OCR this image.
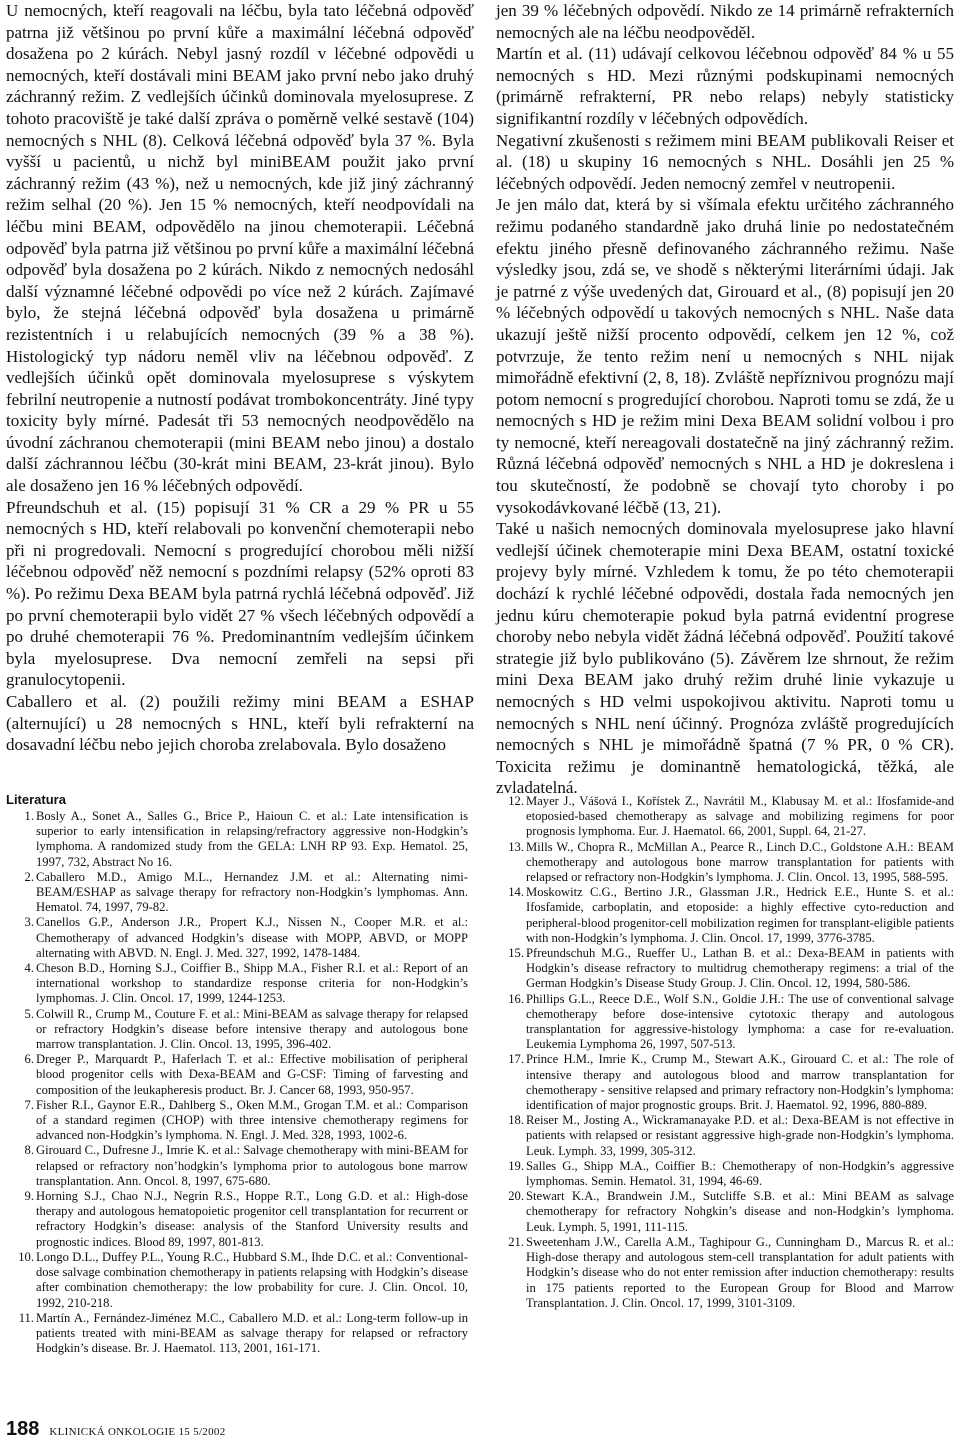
U nemocných, kteří reagovali na léčbu, byla tato léčebná odpověď patrna již většinou po první kůře a maximální léčebná odpověď dosažena po 2 kúrách. Nebyl jasný rozdíl v léčebné odpovědi u nemocných, kteří dostávali mini BEAM jako první nebo jako druhý záchranný režim. Z vedlejších účinků dominovala myelosuprese. Z tohoto pracoviště je také další zpráva o poměrně velké sestavě (104) nemocných s NHL (8). Celková léčebná odpověď byla 37 %. Byla vyšší u pacientů, u nichž byl miniBEAM použit jako první záchranný režim (43 %), než u nemocných, kde již jiný záchranný režim selhal (20 %). Jen 15 % nemocných, kteří neodpovídali na léčbu mini BEAM, odpovědělo na jinou chemoterapii. Léčebná odpověď byla patrna již většinou po první kůře a maximální léčebná odpověď byla dosažena po 2 kúrách. Nikdo z nemocných nedosáhl další významné léčebné odpovědi po více než 2 kúrách. Zajímavé bylo, že stejná léčebná odpověď byla dosažena u primárně rezistentních i u relabujících nemocných (39 % a 38 %). Histologický typ nádoru neměl vliv na léčebnou odpověď. Z vedlejších účinků opět dominovala myelosuprese s výskytem febrilní neutropenie a nutností podávat trombokoncentráty. Jiné typy toxicity byly mírné. Padesát tři 53 nemocných neodpovědělo na úvodní záchranou chemoterapii (mini BEAM nebo jinou) a dostalo další záchrannou léčbu (30-krát mini BEAM, 23-krát jinou). Bylo ale dosaženo jen 16 % léčebných odpovědí.

Pfreundschuh et al. (15) popisují 31 % CR a 29 % PR u 55 nemocných s HD, kteří relabovali po konvenční chemoterapii nebo při ni progredovali. Nemocní s progredující chorobou měli nižší léčebnou odpověď něž nemocní s pozdními relapsy (52% oproti 83 %). Po režimu Dexa BEAM byla patrná rychlá léčebná odpověď. Již po první chemoterapii bylo vidět 27 % všech léčebných odpovědí a po druhé chemoterapii 76 %. Predominantním vedlejším účinkem byla myelosuprese. Dva nemocní zemřeli na sepsi při granulocytopenii.

Caballero et al. (2) použili režimy mini BEAM a ESHAP (alternující) u 28 nemocných s HNL, kteří byli refrakterní na dosavadní léčbu nebo jejich choroba zrelabovala. Bylo dosaženo

jen 39 % léčebných odpovědí. Nikdo ze 14 primárně refrakterních nemocných ale na léčbu neodpověděl.

Martín et al. (11) udávají celkovou léčebnou odpověď 84 % u 55 nemocných s HD. Mezi různými podskupinami nemocných (primárně refrakterní, PR nebo relaps) nebyly statisticky signifikantní rozdíly v léčebných odpovědích.

Negativní zkušenosti s režimem mini BEAM publikovali Reiser et al. (18) u skupiny 16 nemocných s NHL. Dosáhli jen 25 % léčebných odpovědí. Jeden nemocný zemřel v neutropenii.

Je jen málo dat, která by si všímala efektu určitého záchranného režimu podaného standardně jako druhá linie po nedostatečném efektu jiného přesně definovaného záchranného režimu. Naše výsledky jsou, zdá se, ve shodě s některými literárními údaji. Jak je patrné z výše uvedených dat, Girouard et al., (8) popisují jen 20 % léčebných odpovědí u takových nemocných s NHL. Naše data ukazují ještě nižší procento odpovědí, celkem jen 12 %, což potvrzuje, že tento režim není u nemocných s NHL nijak mimořádně efektivní (2, 8, 18). Zvláště nepříznivou prognózu mají potom nemocní s progredující chorobou. Naproti tomu se zdá, že u nemocných s HD je režim mini Dexa BEAM solidní volbou i pro ty nemocné, kteří nereagovali dostatečně na jiný záchranný režim. Různá léčebná odpověď nemocných s NHL a HD je dokreslena i tou skutečností, že podobně se chovají tyto choroby i po vysokodávkované léčbě (13, 21).

Také u našich nemocných dominovala myelosuprese jako hlavní vedlejší účinek chemoterapie mini Dexa BEAM, ostatní toxické projevy byly mírné. Vzhledem k tomu, že po této chemoterapii dochází k rychlé léčebné odpovědi, dostala řada nemocných jen jednu kúru chemoterapie pokud byla patrná evidentní progrese choroby nebo nebyla vidět žádná léčebná odpověď. Použití takové strategie již bylo publikováno (5). Závěrem lze shrnout, že režim mini Dexa BEAM jako druhý režim druhé linie vykazuje u nemocných s HD velmi uspokojivou aktivitu. Naproti tomu u nemocných s NHL není účinný. Prognóza zvláště progredujících nemocných s NHL je mimořádně špatná (7 % PR, 0 % CR). Toxicita režimu je dominantně hematologická, těžká, ale zvladatelná.

Literatura
1. Bosly A., Sonet A., Salles G., Brice P., Haioun C. et al.: Late intensification is superior to early intensification in relapsing/refractory aggressive non-Hodgkin’s lymphoma. A randomized study from the GELA: LNH RP 93. Exp. Hematol. 25, 1997, 732, Abstract No 16.
2. Caballero M.D., Amigo M.L., Hernandez J.M. et al.: Alternating nimi-BEAM/ESHAP as salvage therapy for refractory non-Hodgkin’s lymphomas. Ann. Hematol. 74, 1997, 79-82.
3. Canellos G.P., Anderson J.R., Propert K.J., Nissen N., Cooper M.R. et al.: Chemotherapy of advanced Hodgkin’s disease with MOPP, ABVD, or MOPP alternating with ABVD. N. Engl. J. Med. 327, 1992, 1478-1484.
4. Cheson B.D., Horning S.J., Coiffier B., Shipp M.A., Fisher R.I. et al.: Report of an international workshop to standardize response criteria for non-Hodgkin’s lymphomas. J. Clin. Oncol. 17, 1999, 1244-1253.
5. Colwill R., Crump M., Couture F. et al.: Mini-BEAM as salvage therapy for relapsed or refractory Hodgkin’s disease before intensive therapy and autologous bone marrow transplantation. J. Clin. Oncol. 13, 1995, 396-402.
6. Dreger P., Marquardt P., Haferlach T. et al.: Effective mobilisation of peripheral blood progenitor cells with Dexa-BEAM and G-CSF: Timing of farvesting and composition of the leukapheresis product. Br. J. Cancer 68, 1993, 950-957.
7. Fisher R.I., Gaynor E.R., Dahlberg S., Oken M.M., Grogan T.M. et al.: Comparison of a standard regimen (CHOP) with three intensive chemotherapy regimens for advanced non-Hodgkin’s lymphoma. N. Engl. J. Med. 328, 1993, 1002-6.
8. Girouard C., Dufresne J., Imrie K. et al.: Salvage chemotherapy with mini-BEAM for relapsed or refractory non’hodgkin’s lymphoma prior to autologous bone marrow transplantation. Ann. Oncol. 8, 1997, 675-680.
9. Horning S.J., Chao N.J., Negrin R.S., Hoppe R.T., Long G.D. et al.: High-dose therapy and autologous hematopoietic progenitor cell transplantation for recurrent or refractory Hodgkin’s disease: analysis of the Stanford University results and prognostic indices. Blood 89, 1997, 801-813.
10. Longo D.L., Duffey P.L., Young R.C., Hubbard S.M., Ihde D.C. et al.: Conventional-dose salvage combination chemotherapy in patients relapsing with Hodgkin’s disease after combination chemotherapy: the low probability for cure. J. Clin. Oncol. 10, 1992, 210-218.
11. Martín A., Fernández-Jiménez M.C., Caballero M.D. et al.: Long-term follow-up in patients treated with mini-BEAM as salvage therapy for relapsed or refractory Hodgkin’s disease. Br. J. Haematol. 113, 2001, 161-171.
12. Mayer J., Vášová I., Kořístek Z., Navrátil M., Klabusay M. et al.: Ifosfamide-and etoposied-based chemotherapy as salvage and mobilizing regimens for poor prognosis lymphoma. Eur. J. Haematol. 66, 2001, Suppl. 64, 21-27.
13. Mills W., Chopra R., McMillan A., Pearce R., Linch D.C., Goldstone A.H.: BEAM chemotherapy and autologous bone marrow transplantation for patients with relapsed or refractory non-Hodgkin’s lymphoma. J. Clin. Oncol. 13, 1995, 588-595.
14. Moskowitz C.G., Bertino J.R., Glassman J.R., Hedrick E.E., Hunte S. et al.: Ifosfamide, carboplatin, and etoposide: a highly effective cyto-reduction and peripheral-blood progenitor-cell mobilization regimen for transplant-eligible patients with non-Hodgkin’s lymphoma. J. Clin. Oncol. 17, 1999, 3776-3785.
15. Pfreundschuh M.G., Rueffer U., Lathan B. et al.: Dexa-BEAM in patients with Hodgkin’s disease refractory to multidrug chemotherapy regimens: a trial of the German Hodgkin’s Disease Study Group. J. Clin. Oncol. 12, 1994, 580-586.
16. Phillips G.L., Reece D.E., Wolf S.N., Goldie J.H.: The use of conventional salvage chemotherapy before dose-intensive cytotoxic therapy and autologous transplantation for aggressive-histology lymphoma: a case for re-evaluation. Leukemia Lymphoma 26, 1997, 507-513.
17. Prince H.M., Imrie K., Crump M., Stewart A.K., Girouard C. et al.: The role of intensive therapy and autologous blood and marrow transplantation for chemotherapy - sensitive relapsed and primary refractory non-Hodgkin’s lymphoma: identification of major prognostic groups. Brit. J. Haematol. 92, 1996, 880-889.
18. Reiser M., Josting A., Wickramanayake P.D. et al.: Dexa-BEAM is not effective in patients with relapsed or resistant aggressive high-grade non-Hodgkin’s lymphoma. Leuk. Lymph. 33, 1999, 305-312.
19. Salles G., Shipp M.A., Coiffier B.: Chemotherapy of non-Hodgkin’s aggressive lymphomas. Semin. Hematol. 31, 1994, 46-69.
20. Stewart K.A., Brandwein J.M., Sutcliffe S.B. et al.: Mini BEAM as salvage chemotherapy for refractory Nohgkin’s disease and non-Hodgkin’s lymphoma. Leuk. Lymph. 5, 1991, 111-115.
21. Sweetenham J.W., Carella A.M., Taghipour G., Cunningham D., Marcus R. et al.: High-dose therapy and autologous stem-cell transplantation for adult patients with Hodgkin’s disease who do not enter remission after induction chemotherapy: results in 175 patients reported to the European Group for Blood and Marrow Transplantation. J. Clin. Oncol. 17, 1999, 3101-3109.
188 KLINICKÁ ONKOLOGIE 15 5/2002
